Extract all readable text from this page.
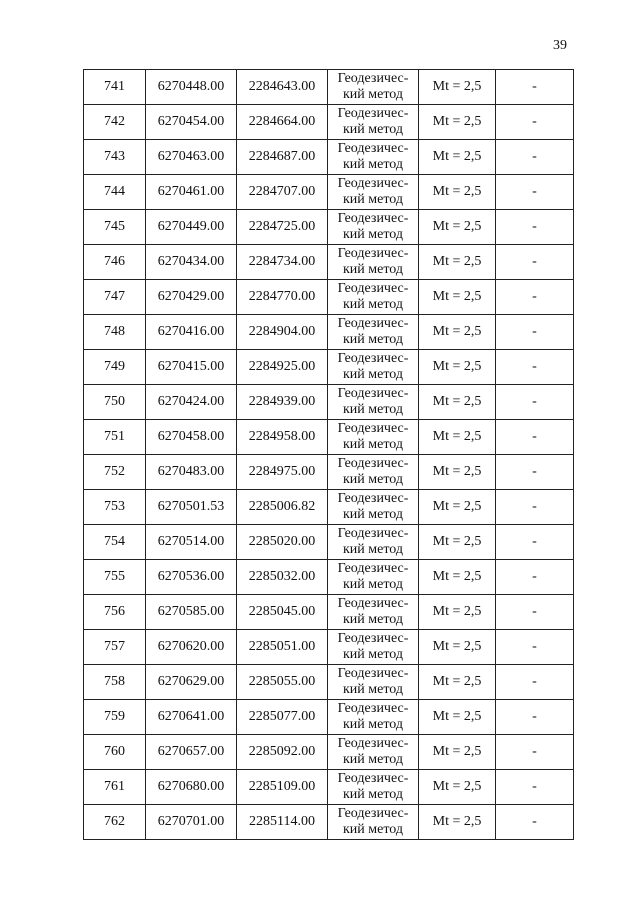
39
741	6270448.00	2284643.00	Геодезичес-
кий метод	Mt = 2,5	-
742	6270454.00	2284664.00	Геодезичес-
кий метод	Mt = 2,5	-
743	6270463.00	2284687.00	Геодезичес-
кий метод	Mt = 2,5	-
744	6270461.00	2284707.00	Геодезичес-
кий метод	Mt = 2,5	-
745	6270449.00	2284725.00	Геодезичес-
кий метод	Mt = 2,5	-
746	6270434.00	2284734.00	Геодезичес-
кий метод	Mt = 2,5	-
747	6270429.00	2284770.00	Геодезичес-
кий метод	Mt = 2,5	-
748	6270416.00	2284904.00	Геодезичес-
кий метод	Mt = 2,5	-
749	6270415.00	2284925.00	Геодезичес-
кий метод	Mt = 2,5	-
750	6270424.00	2284939.00	Геодезичес-
кий метод	Mt = 2,5	-
751	6270458.00	2284958.00	Геодезичес-
кий метод	Mt = 2,5	-
752	6270483.00	2284975.00	Геодезичес-
кий метод	Mt = 2,5	-
753	6270501.53	2285006.82	Геодезичес-
кий метод	Mt = 2,5	-
754	6270514.00	2285020.00	Геодезичес-
кий метод	Mt = 2,5	-
755	6270536.00	2285032.00	Геодезичес-
кий метод	Mt = 2,5	-
756	6270585.00	2285045.00	Геодезичес-
кий метод	Mt = 2,5	-
757	6270620.00	2285051.00	Геодезичес-
кий метод	Mt = 2,5	-
758	6270629.00	2285055.00	Геодезичес-
кий метод	Mt = 2,5	-
759	6270641.00	2285077.00	Геодезичес-
кий метод	Mt = 2,5	-
760	6270657.00	2285092.00	Геодезичес-
кий метод	Mt = 2,5	-
761	6270680.00	2285109.00	Геодезичес-
кий метод	Mt = 2,5	-
762	6270701.00	2285114.00	Геодезичес-
кий метод	Mt = 2,5	-
